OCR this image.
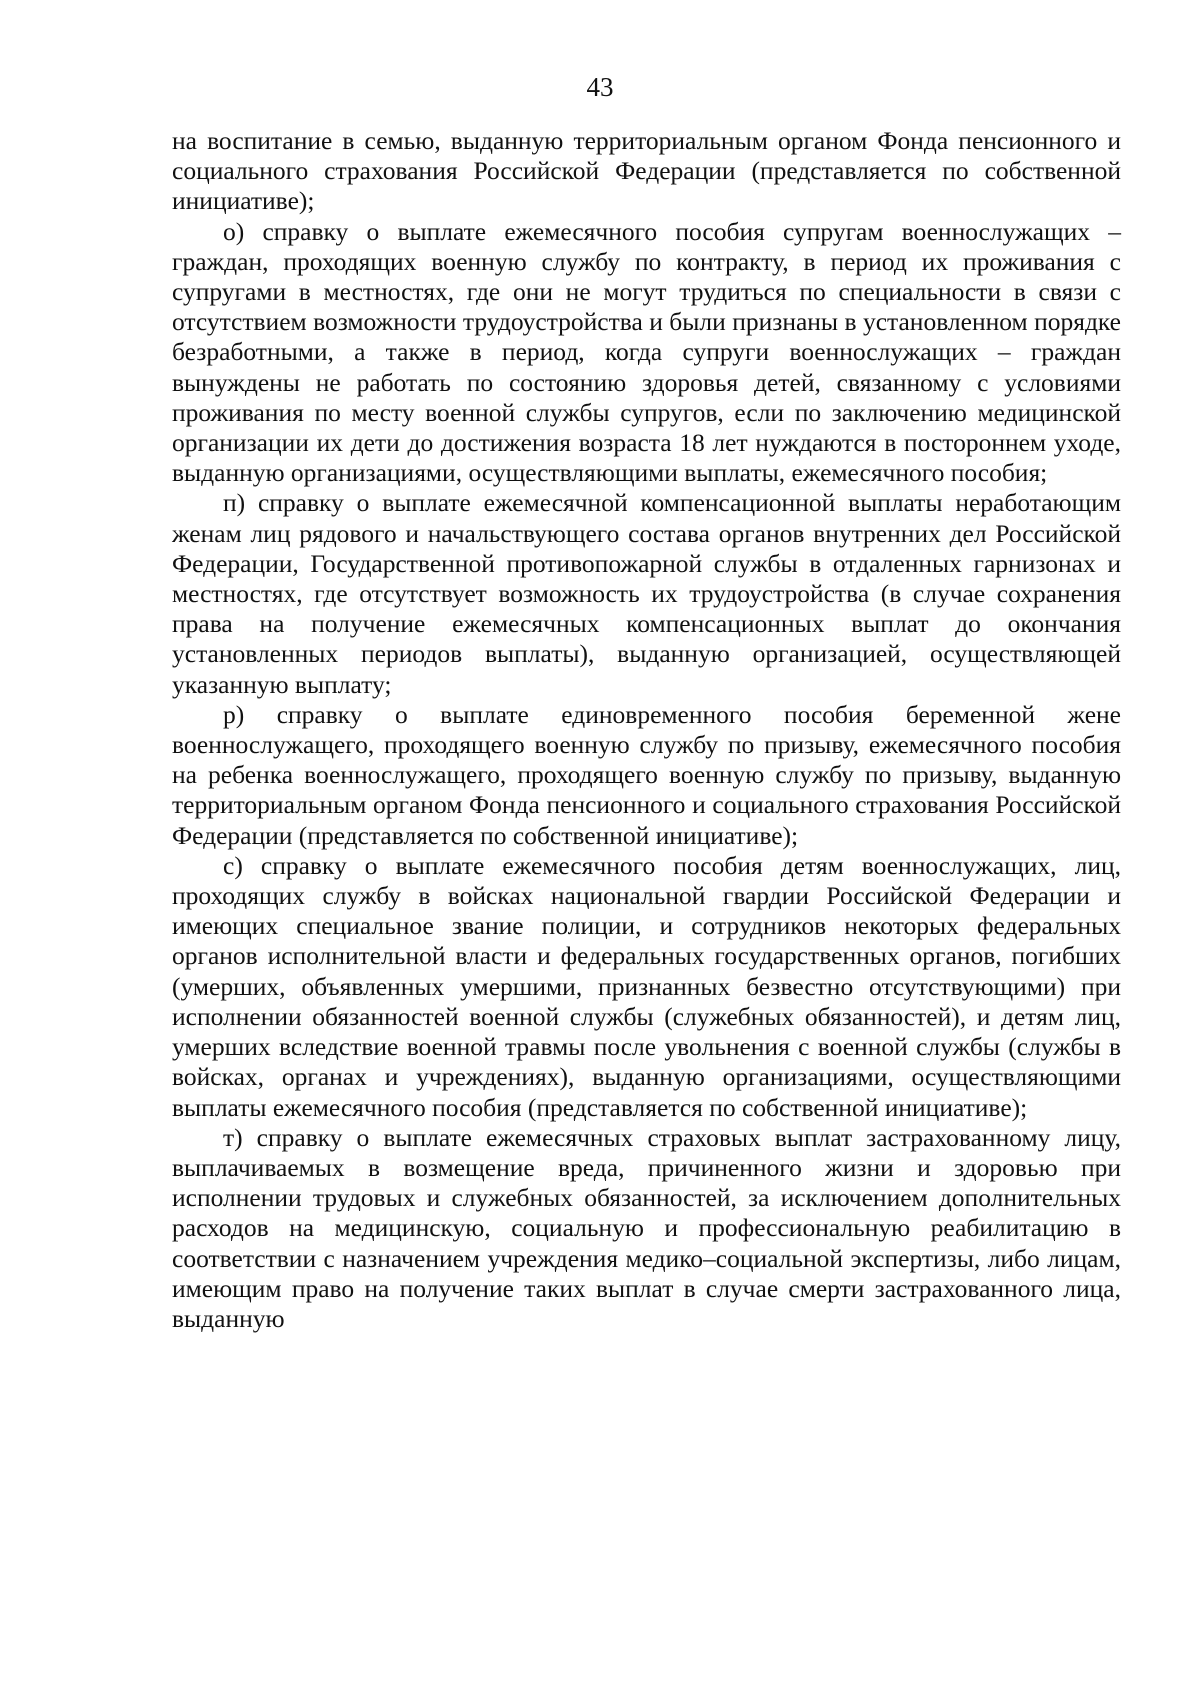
43

на воспитание в семью, выданную территориальным органом Фонда пенсионного и социального страхования Российской Федерации (представляется по собственной инициативе);

о) справку о выплате ежемесячного пособия супругам военнослужащих – граждан, проходящих военную службу по контракту, в период их проживания с супругами в местностях, где они не могут трудиться по специальности в связи с отсутствием возможности трудоустройства и были признаны в установленном порядке безработными, а также в период, когда супруги военнослужащих – граждан вынуждены не работать по состоянию здоровья детей, связанному с условиями проживания по месту военной службы супругов, если по заключению медицинской организации их дети до достижения возраста 18 лет нуждаются в постороннем уходе, выданную организациями, осуществляющими выплаты, ежемесячного пособия;

п) справку о выплате ежемесячной компенсационной выплаты неработающим женам лиц рядового и начальствующего состава органов внутренних дел Российской Федерации, Государственной противопожарной службы в отдаленных гарнизонах и местностях, где отсутствует возможность их трудоустройства (в случае сохранения права на получение ежемесячных компенсационных выплат до окончания установленных периодов выплаты), выданную организацией, осуществляющей указанную выплату;

р) справку о выплате единовременного пособия беременной жене военнослужащего, проходящего военную службу по призыву, ежемесячного пособия на ребенка военнослужащего, проходящего военную службу по призыву, выданную территориальным органом Фонда пенсионного и социального страхования Российской Федерации (представляется по собственной инициативе);

с) справку о выплате ежемесячного пособия детям военнослужащих, лиц, проходящих службу в войсках национальной гвардии Российской Федерации и имеющих специальное звание полиции, и сотрудников некоторых федеральных органов исполнительной власти и федеральных государственных органов, погибших (умерших, объявленных умершими, признанных безвестно отсутствующими) при исполнении обязанностей военной службы (служебных обязанностей), и детям лиц, умерших вследствие военной травмы после увольнения с военной службы (службы в войсках, органах и учреждениях), выданную организациями, осуществляющими выплаты ежемесячного пособия (представляется по собственной инициативе);

т) справку о выплате ежемесячных страховых выплат застрахованному лицу, выплачиваемых в возмещение вреда, причиненного жизни и здоровью при исполнении трудовых и служебных обязанностей, за исключением дополнительных расходов на медицинскую, социальную и профессиональную реабилитацию в соответствии с назначением учреждения медико–социальной экспертизы, либо лицам, имеющим право на получение таких выплат в случае смерти застрахованного лица, выданную
